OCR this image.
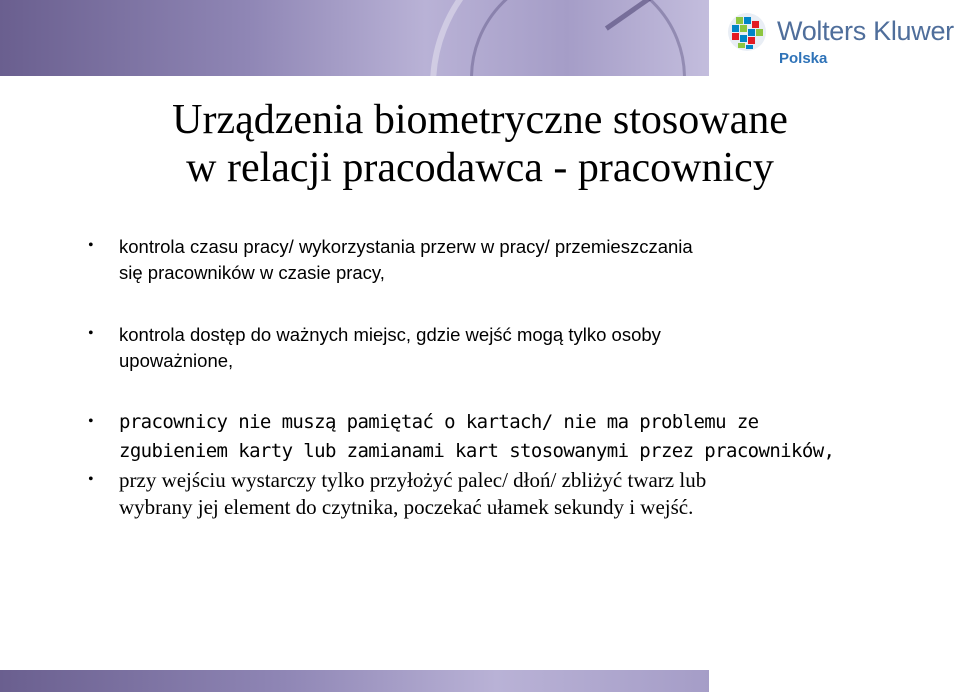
Wolters Kluwer
Polska
Urządzenia biometryczne stosowane
w relacji pracodawca - pracownicy
• kontrola czasu pracy/ wykorzystania przerw w pracy/ przemieszczania
się pracowników w czasie pracy,
• kontrola dostęp do ważnych miejsc, gdzie wejść mogą tylko osoby
upoważnione,
• pracownicy nie muszą pamiętać o kartach/ nie ma problemu ze
zgubieniem karty lub zamianami kart stosowanymi przez pracowników,
• przy wejściu wystarczy tylko przyłożyć palec/ dłoń/ zbliżyć twarz lub
wybrany jej element do czytnika, poczekać ułamek sekundy i wejść.
